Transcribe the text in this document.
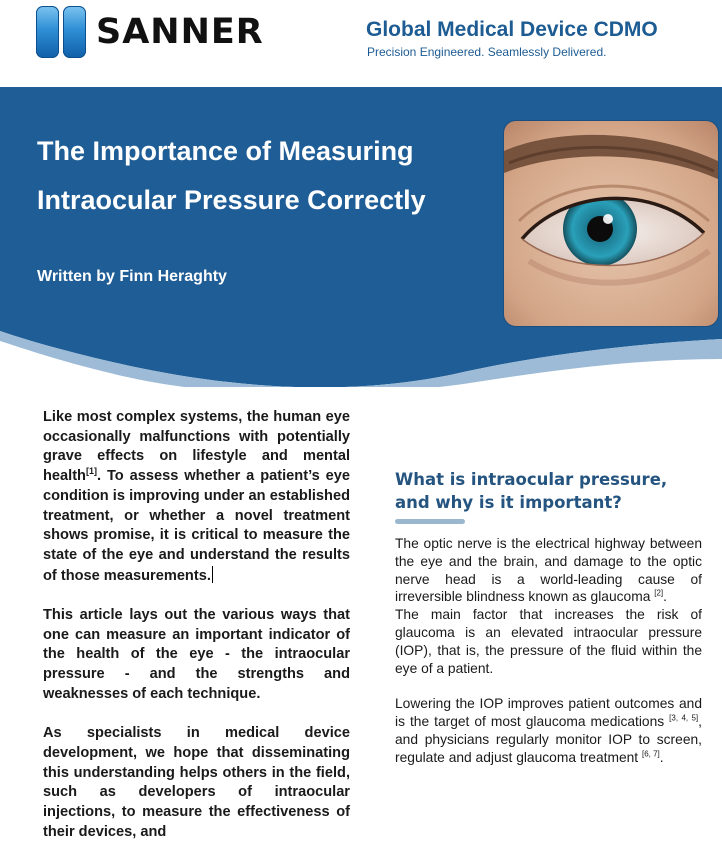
SANNER	Global Medical Device CDMO
Precision Engineered. Seamlessly Delivered.
The Importance of Measuring
Intraocular Pressure Correctly
Written by Finn Heraghty

Like most complex systems, the human eye occasionally malfunctions with potentially grave effects on lifestyle and mental health[1]. To assess whether a patient’s eye condition is improving under an established treatment, or whether a novel treatment shows promise, it is critical to measure the state of the eye and understand the results of those measurements.

This article lays out the various ways that one can measure an important indicator of the health of the eye - the intraocular pressure - and the strengths and weaknesses of each technique.

As specialists in medical device development, we hope that disseminating this understanding helps others in the field, such as developers of intraocular injections, to measure the effectiveness of their devices, and

What is intraocular pressure, and why is it important?

The optic nerve is the electrical highway between the eye and the brain, and damage to the optic nerve head is a world-leading cause of irreversible blindness known as glaucoma [2].

The main factor that increases the risk of glaucoma is an elevated intraocular pressure (IOP), that is, the pressure of the fluid within the eye of a patient.

Lowering the IOP improves patient outcomes and is the target of most glaucoma medications [3, 4, 5], and physicians regularly monitor IOP to screen, regulate and adjust glaucoma treatment [6, 7].
